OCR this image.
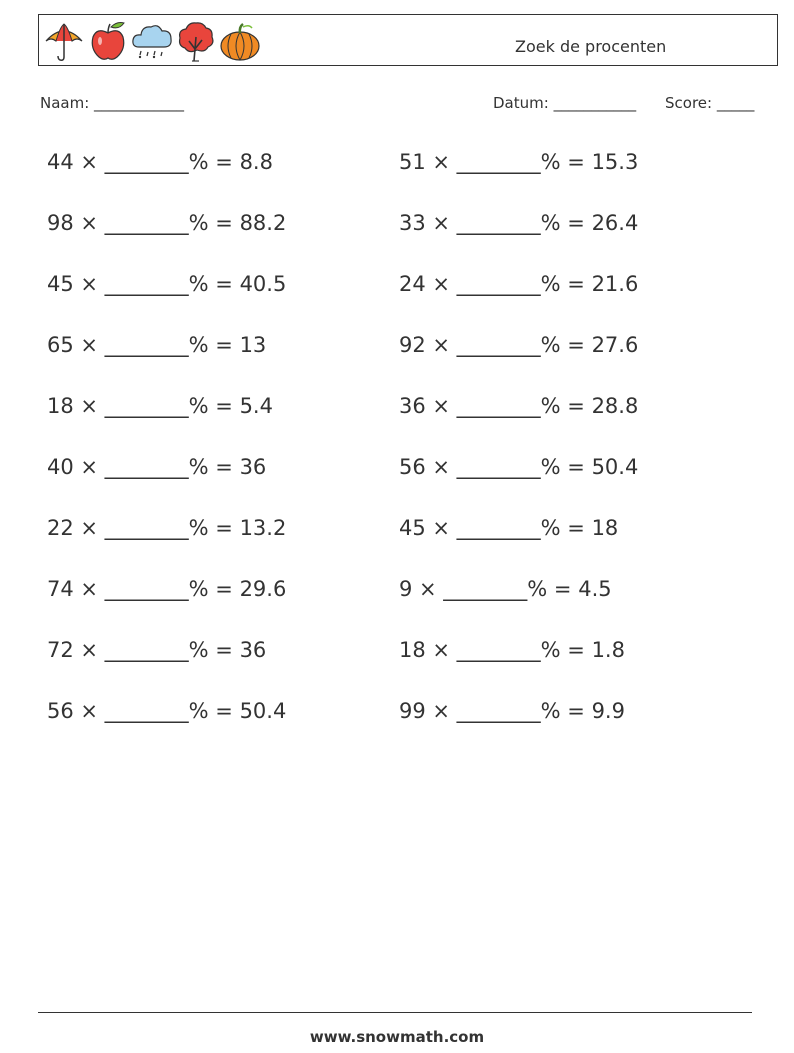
Zoek de procenten
Naam: ____________	Datum: ___________ Score: _____
44 × ________% = 8.8
98 × ________% = 88.2
45 × ________% = 40.5
65 × ________% = 13
18 × ________% = 5.4
40 × ________% = 36
22 × ________% = 13.2
74 × ________% = 29.6
72 × ________% = 36
56 × ________% = 50.4
51 × ________% = 15.3
33 × ________% = 26.4
24 × ________% = 21.6
92 × ________% = 27.6
36 × ________% = 28.8
56 × ________% = 50.4
45 × ________% = 18
9 × ________% = 4.5
18 × ________% = 1.8
99 × ________% = 9.9
www.snowmath.com
